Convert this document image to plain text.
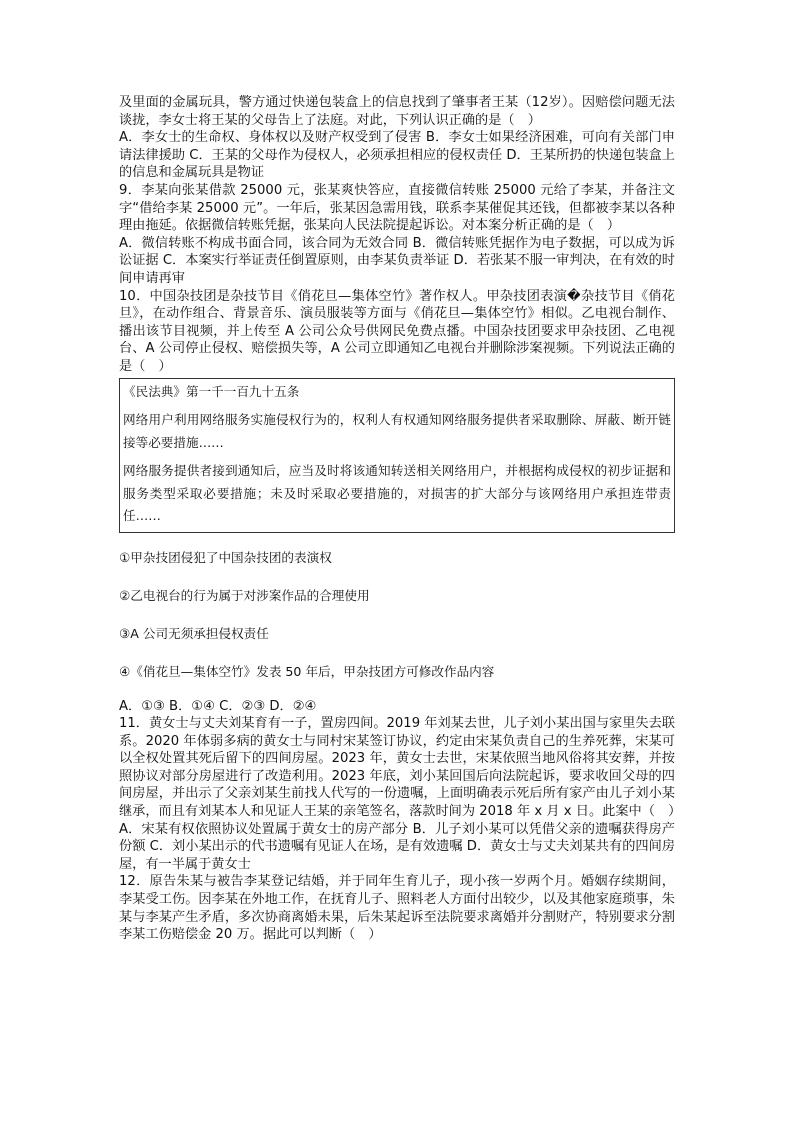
及里面的金属玩具，警方通过快递包装盒上的信息找到了肇事者王某（12岁）。因赔偿问题无法谈拢，李女士将王某的父母告上了法庭。对此，下列认识正确的是（　）

A．李女士的生命权、身体权以及财产权受到了侵害 B．李女士如果经济困难，可向有关部门申请法律援助 C．王某的父母作为侵权人，必须承担相应的侵权责任 D．王某所扔的快递包装盒上的信息和金属玩具是物证

9．李某向张某借款 25000 元，张某爽快答应，直接微信转账 25000 元给了李某，并备注文字“借给李某 25000 元”。一年后，张某因急需用钱，联系李某催促其还钱，但都被李某以各种理由拖延。依据微信转账凭据，张某向人民法院提起诉讼。对本案分析正确的是（　）

A．微信转账不构成书面合同，该合同为无效合同 B．微信转账凭据作为电子数据，可以成为诉讼证据 C．本案实行举证责任倒置原则，由李某负责举证 D．若张某不服一审判决，在有效的时间申请再审

10．中国杂技团是杂技节目《俏花旦—集体空竹》著作权人。甲杂技团表演�杂技节目《俏花旦》，在动作组合、背景音乐、演员服装等方面与《俏花旦—集体空竹》相似。乙电视台制作、播出该节目视频，并上传至 A 公司公众号供网民免费点播。中国杂技团要求甲杂技团、乙电视台、A 公司停止侵权、赔偿损失等，A 公司立即通知乙电视台并删除涉案视频。下列说法正确的是（　）

《民法典》第一千一百九十五条

网络用户利用网络服务实施侵权行为的，权利人有权通知网络服务提供者采取删除、屏蔽、断开链接等必要措施……

网络服务提供者接到通知后，应当及时将该通知转送相关网络用户，并根据构成侵权的初步证据和服务类型采取必要措施；未及时采取必要措施的，对损害的扩大部分与该网络用户承担连带责任……

①甲杂技团侵犯了中国杂技团的表演权

②乙电视台的行为属于对涉案作品的合理使用

③A 公司无须承担侵权责任

④《俏花旦—集体空竹》发表 50 年后，甲杂技团方可修改作品内容

A．①③ B．①④ C．②③ D．②④

11．黄女士与丈夫刘某育有一子，置房四间。2019 年刘某去世，儿子刘小某出国与家里失去联系。2020 年体弱多病的黄女士与同村宋某签订协议，约定由宋某负责自己的生养死葬，宋某可以全权处置其死后留下的四间房屋。2023 年，黄女士去世，宋某依照当地风俗将其安葬，并按照协议对部分房屋进行了改造利用。2023 年底，刘小某回国后向法院起诉，要求收回父母的四间房屋，并出示了父亲刘某生前找人代写的一份遗嘱，上面明确表示死后所有家产由儿子刘小某继承，而且有刘某本人和见证人王某的亲笔签名，落款时间为 2018 年 x 月 x 日。此案中（　）

A．宋某有权依照协议处置属于黄女士的房产部分 B．儿子刘小某可以凭借父亲的遗嘱获得房产份额 C．刘小某出示的代书遗嘱有见证人在场，是有效遗嘱 D．黄女士与丈夫刘某共有的四间房屋，有一半属于黄女士

12．原告朱某与被告李某登记结婚，并于同年生育儿子，现小孩一岁两个月。婚姻存续期间，李某受工伤。因李某在外地工作，在抚育儿子、照料老人方面付出较少，以及其他家庭琐事，朱某与李某产生矛盾，多次协商离婚未果，后朱某起诉至法院要求离婚并分割财产，特别要求分割李某工伤赔偿金 20 万。据此可以判断（　）
